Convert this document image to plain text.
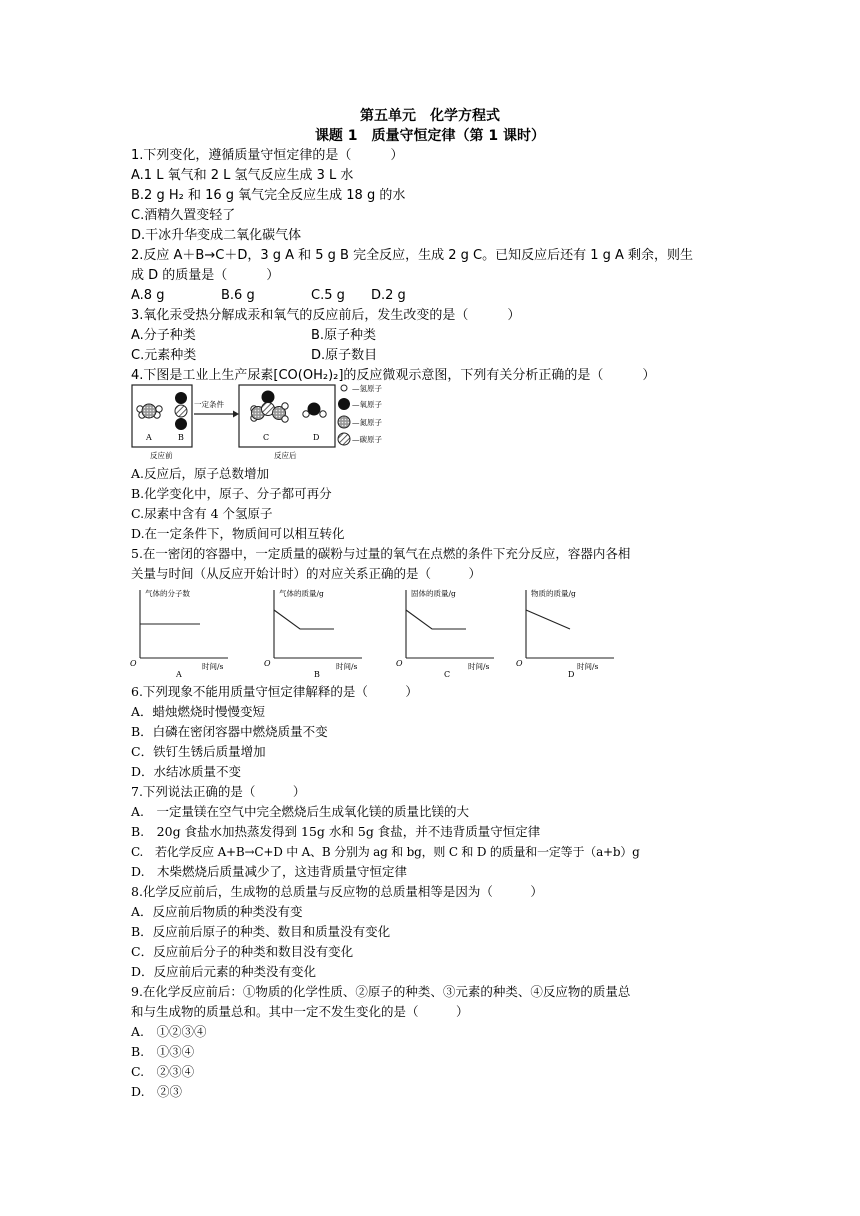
第五单元　化学方程式
课题 1　质量守恒定律（第 1 课时）
1.下列变化，遵循质量守恒定律的是（　　　）
A.1 L 氧气和 2 L 氢气反应生成 3 L 水
B.2 g H₂ 和 16 g 氧气完全反应生成 18 g 的水
C.酒精久置变轻了
D.干冰升华变成二氧化碳气体
2.反应 A＋B→C＋D，3 g A 和 5 g B 完全反应，生成 2 g C。已知反应后还有 1 g A 剩余，则生
成 D 的质量是（　　　）
A.8 g	B.6 g	C.5 g D.2 g
3.氧化汞受热分解成汞和氧气的反应前后，发生改变的是（　　　）
A.分子种类	B.原子种类
C.元素种类	D.原子数目
4.下图是工业上生产尿素[CO(OH₂)₂]的反应微观示意图，下列有关分析正确的是（　　　）
A	B
反应前
一定条件
C	D
反应后
—氢原子
—氧原子
—氮原子
—碳原子
A.反应后，原子总数增加
B.化学变化中，原子、分子都可再分
C.尿素中含有 4 个氢原子
D.在一定条件下，物质间可以相互转化
5.在一密闭的容器中，一定质量的碳粉与过量的氧气在点燃的条件下充分反应，容器内各相
关量与时间（从反应开始计时）的对应关系正确的是（　　　）
气体的分子数
O	时间/s
A
气体的质量/g
O	时间/s
B
固体的质量/g
O	时间/s
C
物质的质量/g
O	时间/s
D
6.下列现象不能用质量守恒定律解释的是（　　　）
A．蜡烛燃烧时慢慢变短
B．白磷在密闭容器中燃烧质量不变
C．铁钉生锈后质量增加
D．水结冰质量不变
7.下列说法正确的是（　　　）
A.　一定量镁在空气中完全燃烧后生成氧化镁的质量比镁的大
B.　20g 食盐水加热蒸发得到 15g 水和 5g 食盐，并不违背质量守恒定律
C.　若化学反应 A+B→C+D 中 A、B 分别为 ag 和 bg，则 C 和 D 的质量和一定等于（a+b）g
D.　木柴燃烧后质量减少了，这违背质量守恒定律
8.化学反应前后，生成物的总质量与反应物的总质量相等是因为（　　　）
A．反应前后物质的种类没有变
B．反应前后原子的种类、数目和质量没有变化
C．反应前后分子的种类和数目没有变化
D．反应前后元素的种类没有变化
9.在化学反应前后：①物质的化学性质、②原子的种类、③元素的种类、④反应物的质量总
和与生成物的质量总和。其中一定不发生变化的是（　　　）
A.　①②③④
B.　①③④
C.　②③④
D.　②③
